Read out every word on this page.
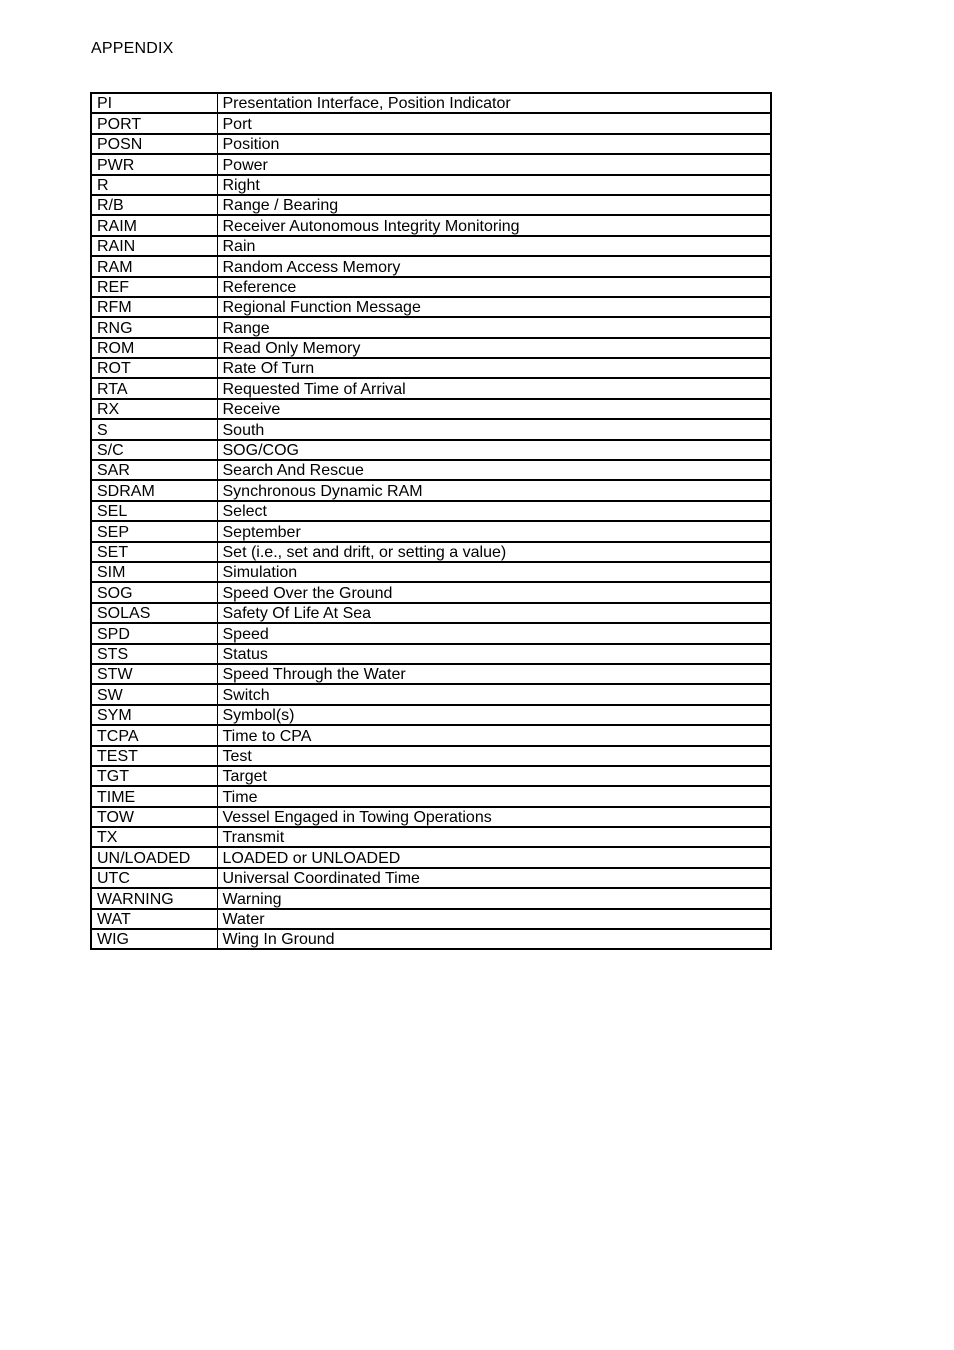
APPENDIX
PI	Presentation Interface, Position Indicator
PORT	Port
POSN	Position
PWR	Power
R	Right
R/B	Range / Bearing
RAIM	Receiver Autonomous Integrity Monitoring
RAIN	Rain
RAM	Random Access Memory
REF	Reference
RFM	Regional Function Message
RNG	Range
ROM	Read Only Memory
ROT	Rate Of Turn
RTA	Requested Time of Arrival
RX	Receive
S	South
S/C	SOG/COG
SAR	Search And Rescue
SDRAM	Synchronous Dynamic RAM
SEL	Select
SEP	September
SET	Set (i.e., set and drift, or setting a value)
SIM	Simulation
SOG	Speed Over the Ground
SOLAS	Safety Of Life At Sea
SPD	Speed
STS	Status
STW	Speed Through the Water
SW	Switch
SYM	Symbol(s)
TCPA	Time to CPA
TEST	Test
TGT	Target
TIME	Time
TOW	Vessel Engaged in Towing Operations
TX	Transmit
UN/LOADED	LOADED or UNLOADED
UTC	Universal Coordinated Time
WARNING	Warning
WAT	Water
WIG	Wing In Ground
